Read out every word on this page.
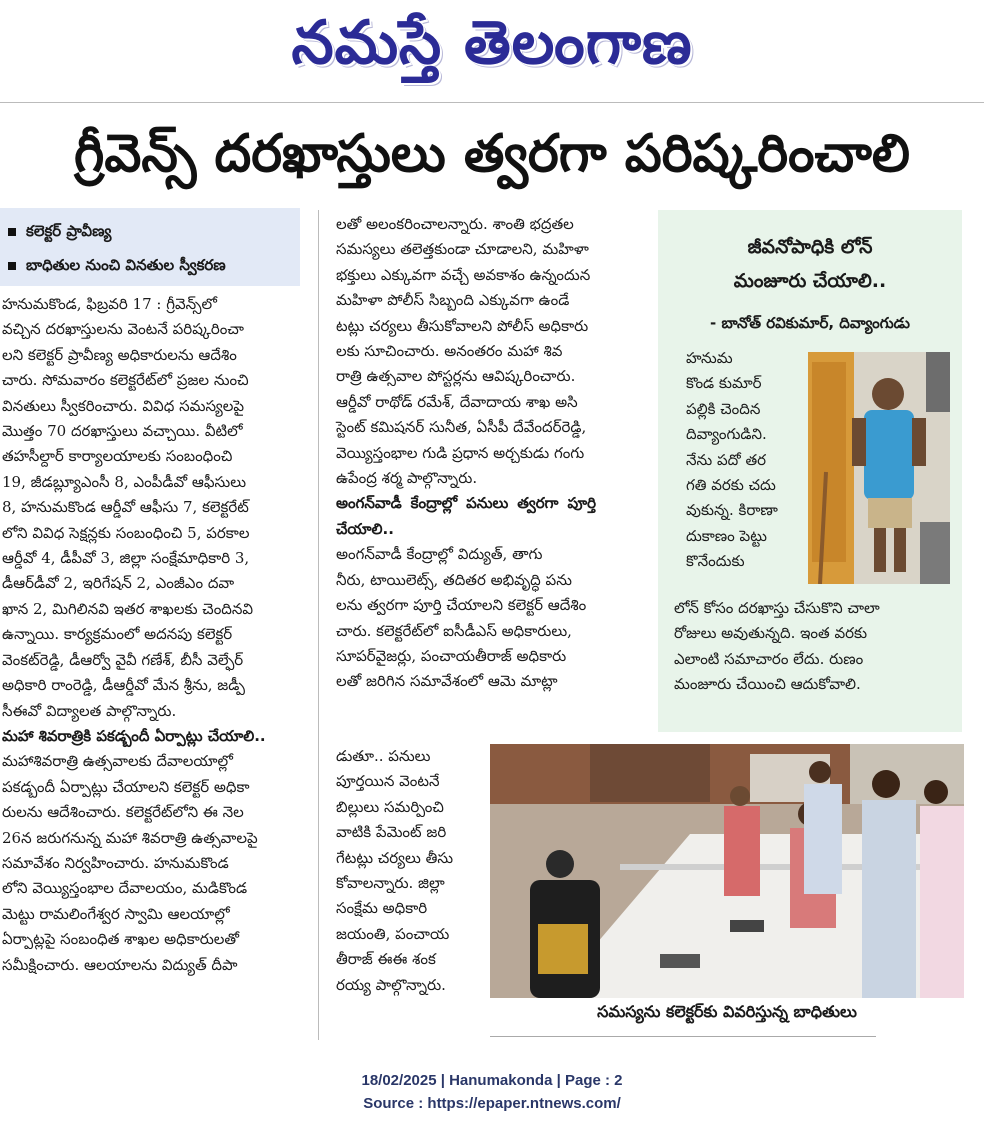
నమస్తే తెలంగాణ
గ్రీవెన్స్ దరఖాస్తులు త్వరగా పరిష్కరించాలి
కలెక్టర్ ప్రావీణ్య
బాధితుల నుంచి వినతుల స్వీకరణ

హనుమకొండ, ఫిబ్రవరి 17 : గ్రీవెన్స్‌లో

వచ్చిన దరఖాస్తులను వెంటనే పరిష్కరించా

లని కలెక్టర్ ప్రావీణ్య అధికారులను ఆదేశిం

చారు. సోమవారం కలెక్టరేట్‌లో ప్రజల నుంచి

వినతులు స్వీకరించారు. వివిధ సమస్యలపై

మొత్తం 70 దరఖాస్తులు వచ్చాయి. వీటిలో

తహసీల్దార్ కార్యాలయాలకు సంబంధించి

19, జీడబ్ల్యూఎంసీ 8, ఎంపీడీవో ఆఫీసులు

8, హనుమకొండ ఆర్డీవో ఆఫీసు 7, కలెక్టరేట్

లోని వివిధ సెక్షన్లకు సంబంధించి 5, పరకాల

ఆర్డీవో 4, డీపీవో 3, జిల్లా సంక్షేమాధికారి 3,

డీఆర్‌డీవో 2, ఇరిగేషన్ 2, ఎంజీఎం దవా

ఖాన 2, మిగిలినవి ఇతర శాఖలకు చెందినవి

ఉన్నాయి. కార్యక్రమంలో అదనపు కలెక్టర్

వెంకట్‌రెడ్డి, డీఆర్వో వైవీ గణేశ్, బీసీ వెల్ఫేర్

అధికారి రాంరెడ్డి, డీఆర్డీవో మేన శ్రీను, జడ్పీ

సీఈవో విద్యాలత పాల్గొన్నారు.

మహా శివరాత్రికి పకడ్బందీ ఏర్పాట్లు చేయాలి..

మహాశివరాత్రి ఉత్సవాలకు దేవాలయాల్లో

పకడ్బందీ ఏర్పాట్లు చేయాలని కలెక్టర్ అధికా

రులను ఆదేశించారు. కలెక్టరేట్‌లోని ఈ నెల

26న జరుగనున్న మహా శివరాత్రి ఉత్సవాలపై

సమావేశం నిర్వహించారు. హనుమకొండ

లోని వెయ్యిస్తంభాల దేవాలయం, మడికొండ

మెట్టు రామలింగేశ్వర స్వామి ఆలయాల్లో

ఏర్పాట్లపై సంబంధిత శాఖల అధికారులతో

సమీక్షించారు. ఆలయాలను విద్యుత్ దీపా

లతో అలంకరించాలన్నారు. శాంతి భద్రతల

సమస్యలు తలెత్తకుండా చూడాలని, మహిళా

భక్తులు ఎక్కువగా వచ్చే అవకాశం ఉన్నందున

మహిళా పోలీస్ సిబ్బంది ఎక్కువగా ఉండే

టట్లు చర్యలు తీసుకోవాలని పోలీస్ అధికారు

లకు సూచించారు. అనంతరం మహా శివ

రాత్రి ఉత్సవాల పోస్టర్లను ఆవిష్కరించారు.

ఆర్డీవో రాథోడ్ రమేశ్, దేవాదాయ శాఖ అసి

స్టెంట్ కమిషనర్ సునీత, ఏసీపీ దేవేందర్‌రెడ్డి,

వెయ్యిస్తంభాల గుడి ప్రధాన అర్చకుడు గంగు

ఉపేంద్ర శర్మ పాల్గొన్నారు.

అంగన్‌వాడీ కేంద్రాల్లో పనులు త్వరగా పూర్తి చేయాలి..

అంగన్‌వాడీ కేంద్రాల్లో విద్యుత్, తాగు

నీరు, టాయిలెట్స్, తదితర అభివృద్ధి పను

లను త్వరగా పూర్తి చేయాలని కలెక్టర్ ఆదేశిం

చారు. కలెక్టరేట్‌లో ఐసీడీఎస్ అధికారులు,

సూపర్‌వైజర్లు, పంచాయతీరాజ్ అధికారు

లతో జరిగిన సమావేశంలో ఆమె మాట్లా

డుతూ.. పనులు

పూర్తయిన వెంటనే

బిల్లులు సమర్పించి

వాటికి పేమెంట్ జరి

గేటట్లు చర్యలు తీసు

కోవాలన్నారు. జిల్లా

సంక్షేమ అధికారి

జయంతి, పంచాయ

తీరాజ్ ఈఈ శంక

రయ్య పాల్గొన్నారు.

జీవనోపాధికి లోన్
మంజూరు చేయాలి..
- బానోత్ రవికుమార్, దివ్యాంగుడు
హనుమ
కొండ కుమార్
పల్లికి చెందిన
దివ్యాంగుడిని.
నేను పదో తర
గతి వరకు చదు
వుకున్న. కిరాణా
దుకాణం పెట్టు
కొనేందుకు
లోన్ కోసం దరఖాస్తు చేసుకొని చాలా
రోజులు అవుతున్నది. ఇంత వరకు
ఎలాంటి సమాచారం లేదు. రుణం
మంజూరు చేయించి ఆదుకోవాలి.
సమస్యను కలెక్టర్‌కు వివరిస్తున్న బాధితులు
18/02/2025 | Hanumakonda | Page : 2
Source : https://epaper.ntnews.com/
